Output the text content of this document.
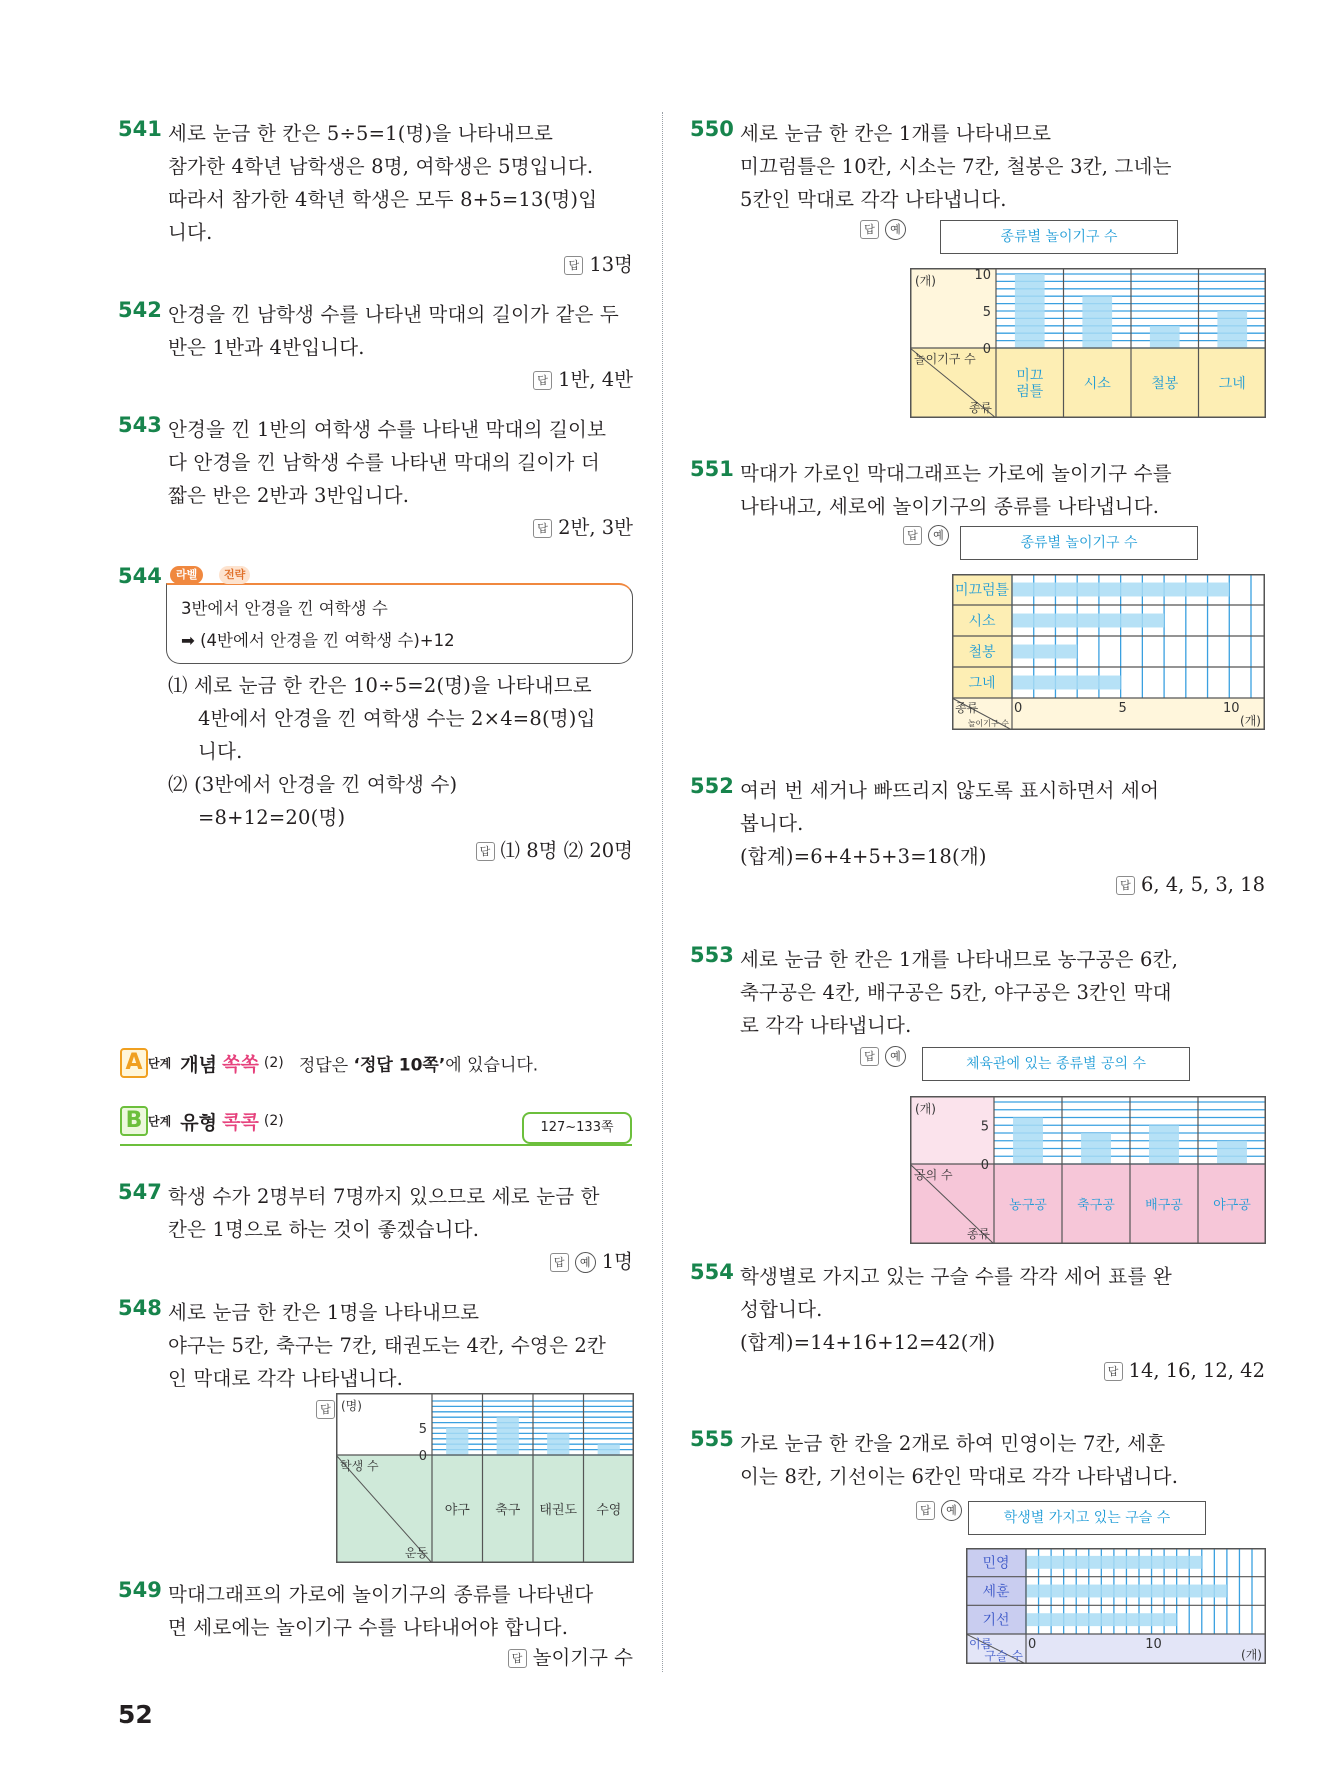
541 세로 눈금 한 칸은 5÷5=1(명)을 나타내므로
참가한 4학년 남학생은 8명, 여학생은 5명입니다.
따라서 참가한 4학년 학생은 모두 8+5=13(명)입
니다.
답 13명
542 안경을 낀 남학생 수를 나타낸 막대의 길이가 같은 두
반은 1반과 4반입니다.
답 1반, 4반
543 안경을 낀 1반의 여학생 수를 나타낸 막대의 길이보
다 안경을 낀 남학생 수를 나타낸 막대의 길이가 더
짧은 반은 2반과 3반입니다.
답 2반, 3반
544
3반에서 안경을 낀 여학생 수
➡ (4반에서 안경을 낀 여학생 수)+12
라벨	전략
⑴ 세로 눈금 한 칸은 10÷5=2(명)을 나타내므로
4반에서 안경을 낀 여학생 수는 2×4=8(명)입
니다.
⑵ (3반에서 안경을 낀 여학생 수)
=8+12=20(명)
답 ⑴ 8명 ⑵ 20명
A 단계 개념 쏙쏙 (2) 정답은 ‘정답 10쪽’에 있습니다.
B 단계 유형 콕콕 (2)	127~133쪽
547 학생 수가 2명부터 7명까지 있으므로 세로 눈금 한
칸은 1명으로 하는 것이 좋겠습니다.
답 예 1명
548 세로 눈금 한 칸은 1명을 나타내므로
야구는 5칸, 축구는 7칸, 태권도는 4칸, 수영은 2칸
인 막대로 각각 나타냅니다.
답 (명)
0
5
학생 수
운동
야구 축구 태권도 수영
549 막대그래프의 가로에 놀이기구의 종류를 나타낸다
면 세로에는 놀이기구 수를 나타내어야 합니다.
답 놀이기구 수
52
550 세로 눈금 한 칸은 1개를 나타내므로
미끄럼틀은 10칸, 시소는 7칸, 철봉은 3칸, 그네는
5칸인 막대로 각각 나타냅니다.
답 예	종류별 놀이기구 수
(개)
0
5
10
놀이기구 수
종류
미끄
럼틀	시소	철봉	그네
551 막대가 가로인 막대그래프는 가로에 놀이기구 수를
나타내고, 세로에 놀이기구의 종류를 나타냅니다.
답 예	종류별 놀이기구 수
미끄럼틀
시소
철봉
그네
0	5	10
(개)
종류
놀이기구 수
552 여러 번 세거나 빠뜨리지 않도록 표시하면서 세어
봅니다.
(합계)=6+4+5+3=18(개)
답 6, 4, 5, 3, 18
553 세로 눈금 한 칸은 1개를 나타내므로 농구공은 6칸,
축구공은 4칸, 배구공은 5칸, 야구공은 3칸인 막대
로 각각 나타냅니다.
답 예	체육관에 있는 종류별 공의 수
(개)
0
5
공의 수
종류
농구공 축구공 배구공 야구공
554 학생별로 가지고 있는 구슬 수를 각각 세어 표를 완
성합니다.
(합계)=14+16+12=42(개)
답 14, 16, 12, 42
555 가로 눈금 한 칸을 2개로 하여 민영이는 7칸, 세훈
이는 8칸, 기선이는 6칸인 막대로 각각 나타냅니다.
답 예	학생별 가지고 있는 구슬 수
민영
세훈
기선
0	10
(개)
이름
구슬 수
